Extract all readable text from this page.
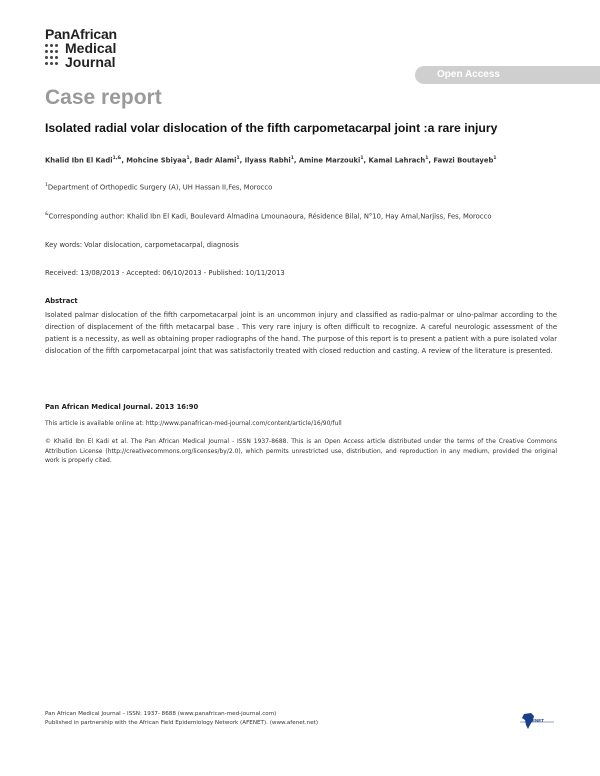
PanAfrican
Medical
Journal
Open Access
Case report
Isolated radial volar dislocation of the fifth carpometacarpal joint :a rare injury
Khalid Ibn El Kadi$^{1,\&}$, Mohcine Sbiyaa$^1$, Badr Alami$^1$, Ilyass Rabhi$^1$, Amine Marzouki$^1$, Kamal Lahrach$^1$, Fawzi Boutayeb$^1$
$^1$Department of Orthopedic Surgery (A), UH Hassan II,Fes, Morocco
&Corresponding author: Khalid Ibn El Kadi, Boulevard Almadina Lmounaoura, Résidence Bilal, N°10, Hay Amal,Narjiss, Fes, Morocco
Key words: Volar dislocation, carpometacarpal, diagnosis
Received: 13/08/2013 - Accepted: 06/10/2013 - Published: 10/11/2013
Abstract
Isolated palmar dislocation of the fifth carpometacarpal joint is an uncommon injury and classified as radio-palmar or ulno-palmar according to the direction of displacement of the fifth metacarpal base . This very rare injury is often difficult to recognize. A careful neurologic assessment of the patient is a necessity, as well as obtaining proper radiographs of the hand. The purpose of this report is to present a patient with a pure isolated volar dislocation of the fifth carpometacarpal joint that was satisfactorily treated with closed reduction and casting. A review of the literature is presented.
Pan African Medical Journal. 2013 16:90
This article is available online at: http://www.panafrican-med-journal.com/content/article/16/90/full
© Khalid Ibn El Kadi et al. The Pan African Medical Journal - ISSN 1937-8688. This is an Open Access article distributed under the terms of the Creative Commons Attribution License (http://creativecommons.org/licenses/by/2.0), which permits unrestricted use, distribution, and reproduction in any medium, provided the original work is properly cited.
Pan African Medical Journal – ISSN: 1937- 8688 (www.panafrican-med-journal.com)
Published in partnership with the African Field Epidemiology Network (AFENET). (www.afenet.net)	AFENET
